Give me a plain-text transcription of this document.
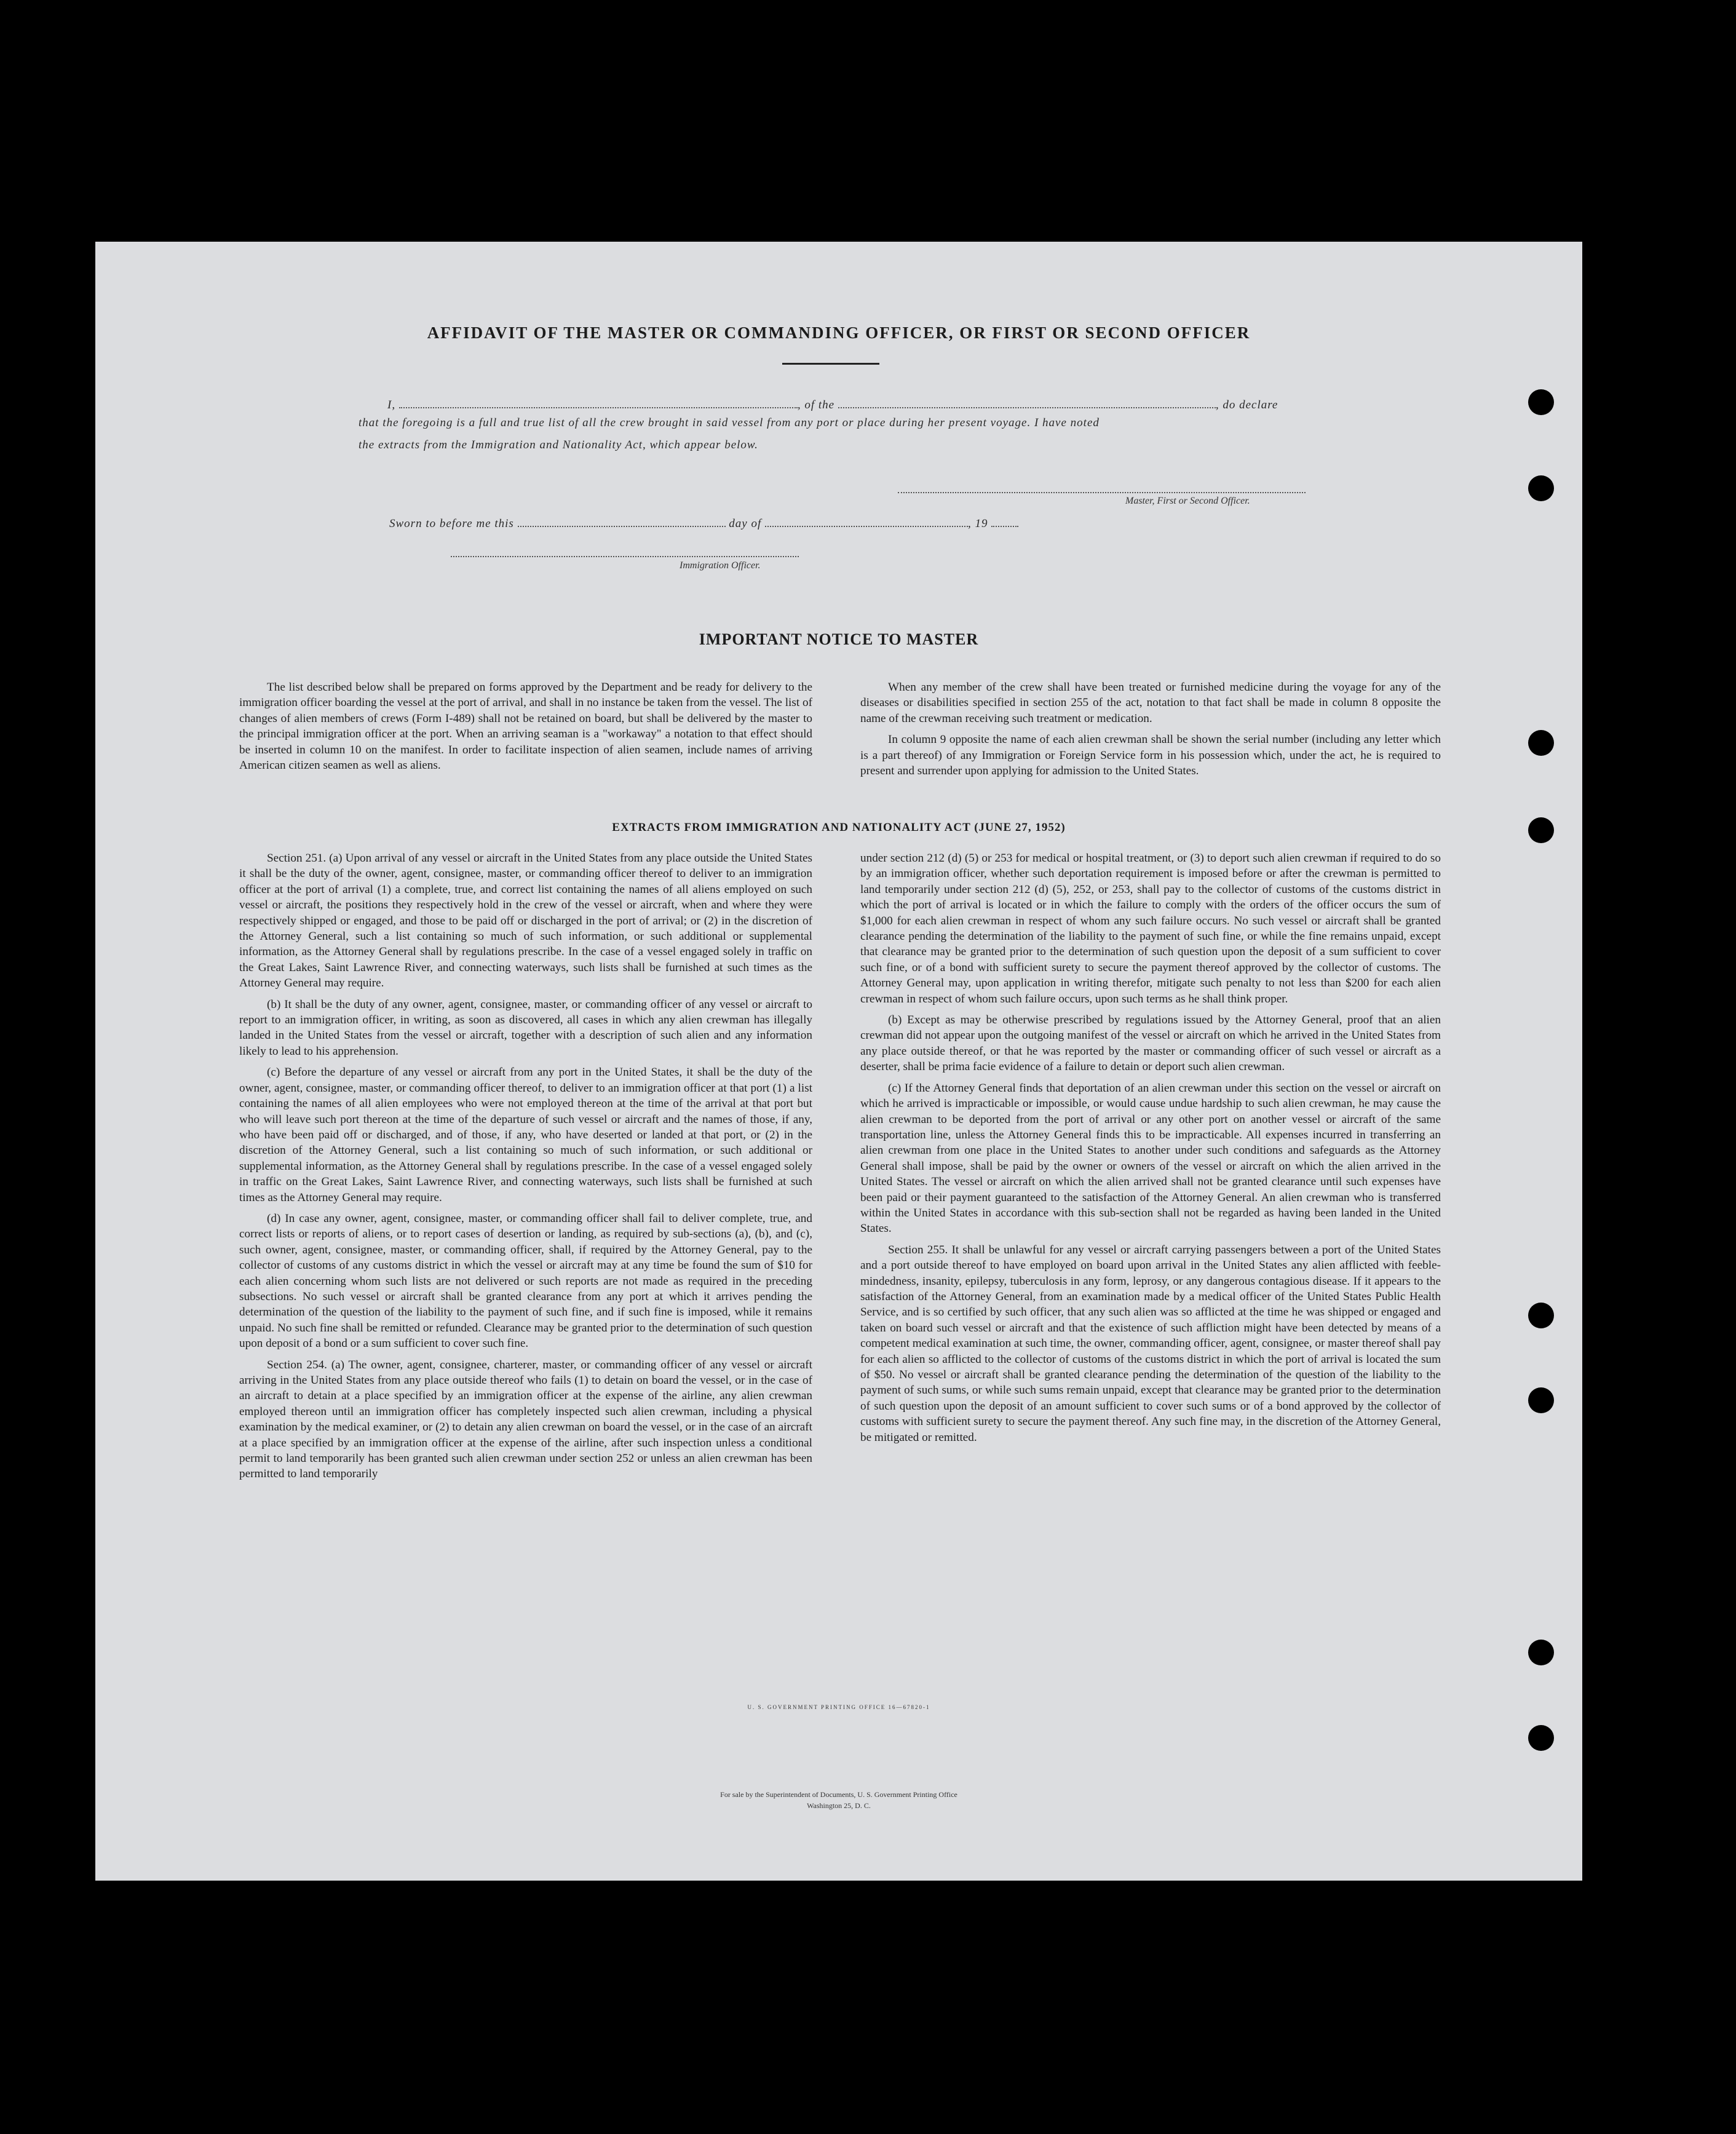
AFFIDAVIT OF THE MASTER OR COMMANDING OFFICER, OR FIRST OR SECOND OFFICER
I,	, of the	, do declare
that the foregoing is a full and true list of all the crew brought in said vessel from any port or place during her present voyage. I have noted
the extracts from the Immigration and Nationality Act, which appear below.
Master, First or Second Officer.
Sworn to before me this	day of	, 19
Immigration Officer.
IMPORTANT NOTICE TO MASTER

The list described below shall be prepared on forms approved by the Department and be ready for delivery to the immigration officer boarding the vessel at the port of arrival, and shall in no instance be taken from the vessel. The list of changes of alien members of crews (Form I-489) shall not be retained on board, but shall be delivered by the master to the principal immigration officer at the port. When an arriving seaman is a "workaway" a notation to that effect should be inserted in column 10 on the manifest. In order to facilitate inspection of alien seamen, include names of arriving American citizen seamen as well as aliens.

When any member of the crew shall have been treated or furnished medicine during the voyage for any of the diseases or disabilities specified in section 255 of the act, notation to that fact shall be made in column 8 opposite the name of the crewman receiving such treatment or medication.

In column 9 opposite the name of each alien crewman shall be shown the serial number (including any letter which is a part thereof) of any Immigration or Foreign Service form in his possession which, under the act, he is required to present and surrender upon applying for admission to the United States.

EXTRACTS FROM IMMIGRATION AND NATIONALITY ACT (JUNE 27, 1952)

Section 251. (a) Upon arrival of any vessel or aircraft in the United States from any place outside the United States it shall be the duty of the owner, agent, consignee, master, or commanding officer thereof to deliver to an immigration officer at the port of arrival (1) a complete, true, and correct list containing the names of all aliens employed on such vessel or aircraft, the positions they respectively hold in the crew of the vessel or aircraft, when and where they were respectively shipped or engaged, and those to be paid off or discharged in the port of arrival; or (2) in the discretion of the Attorney General, such a list containing so much of such information, or such additional or supplemental information, as the Attorney General shall by regulations prescribe. In the case of a vessel engaged solely in traffic on the Great Lakes, Saint Lawrence River, and connecting waterways, such lists shall be furnished at such times as the Attorney General may require.

(b) It shall be the duty of any owner, agent, consignee, master, or commanding officer of any vessel or aircraft to report to an immigration officer, in writing, as soon as discovered, all cases in which any alien crewman has illegally landed in the United States from the vessel or aircraft, together with a description of such alien and any information likely to lead to his apprehension.

(c) Before the departure of any vessel or aircraft from any port in the United States, it shall be the duty of the owner, agent, consignee, master, or commanding officer thereof, to deliver to an immigration officer at that port (1) a list containing the names of all alien employees who were not employed thereon at the time of the arrival at that port but who will leave such port thereon at the time of the departure of such vessel or aircraft and the names of those, if any, who have been paid off or discharged, and of those, if any, who have deserted or landed at that port, or (2) in the discretion of the Attorney General, such a list containing so much of such information, or such additional or supplemental information, as the Attorney General shall by regulations prescribe. In the case of a vessel engaged solely in traffic on the Great Lakes, Saint Lawrence River, and connecting waterways, such lists shall be furnished at such times as the Attorney General may require.

(d) In case any owner, agent, consignee, master, or commanding officer shall fail to deliver complete, true, and correct lists or reports of aliens, or to report cases of desertion or landing, as required by sub-sections (a), (b), and (c), such owner, agent, consignee, master, or commanding officer, shall, if required by the Attorney General, pay to the collector of customs of any customs district in which the vessel or aircraft may at any time be found the sum of $10 for each alien concerning whom such lists are not delivered or such reports are not made as required in the preceding subsections. No such vessel or aircraft shall be granted clearance from any port at which it arrives pending the determination of the question of the liability to the payment of such fine, and if such fine is imposed, while it remains unpaid. No such fine shall be remitted or refunded. Clearance may be granted prior to the determination of such question upon deposit of a bond or a sum sufficient to cover such fine.

Section 254. (a) The owner, agent, consignee, charterer, master, or commanding officer of any vessel or aircraft arriving in the United States from any place outside thereof who fails (1) to detain on board the vessel, or in the case of an aircraft to detain at a place specified by an immigration officer at the expense of the airline, any alien crewman employed thereon until an immigration officer has completely inspected such alien crewman, including a physical examination by the medical examiner, or (2) to detain any alien crewman on board the vessel, or in the case of an aircraft at a place specified by an immigration officer at the expense of the airline, after such inspection unless a conditional permit to land temporarily has been granted such alien crewman under section 252 or unless an alien crewman has been permitted to land temporarily

under section 212 (d) (5) or 253 for medical or hospital treatment, or (3) to deport such alien crewman if required to do so by an immigration officer, whether such deportation requirement is imposed before or after the crewman is permitted to land temporarily under section 212 (d) (5), 252, or 253, shall pay to the collector of customs of the customs district in which the port of arrival is located or in which the failure to comply with the orders of the officer occurs the sum of $1,000 for each alien crewman in respect of whom any such failure occurs. No such vessel or aircraft shall be granted clearance pending the determination of the liability to the payment of such fine, or while the fine remains unpaid, except that clearance may be granted prior to the determination of such question upon the deposit of a sum sufficient to cover such fine, or of a bond with sufficient surety to secure the payment thereof approved by the collector of customs. The Attorney General may, upon application in writing therefor, mitigate such penalty to not less than $200 for each alien crewman in respect of whom such failure occurs, upon such terms as he shall think proper.

(b) Except as may be otherwise prescribed by regulations issued by the Attorney General, proof that an alien crewman did not appear upon the outgoing manifest of the vessel or aircraft on which he arrived in the United States from any place outside thereof, or that he was reported by the master or commanding officer of such vessel or aircraft as a deserter, shall be prima facie evidence of a failure to detain or deport such alien crewman.

(c) If the Attorney General finds that deportation of an alien crewman under this section on the vessel or aircraft on which he arrived is impracticable or impossible, or would cause undue hardship to such alien crewman, he may cause the alien crewman to be deported from the port of arrival or any other port on another vessel or aircraft of the same transportation line, unless the Attorney General finds this to be impracticable. All expenses incurred in transferring an alien crewman from one place in the United States to another under such conditions and safeguards as the Attorney General shall impose, shall be paid by the owner or owners of the vessel or aircraft on which the alien arrived in the United States. The vessel or aircraft on which the alien arrived shall not be granted clearance until such expenses have been paid or their payment guaranteed to the satisfaction of the Attorney General. An alien crewman who is transferred within the United States in accordance with this sub-section shall not be regarded as having been landed in the United States.

Section 255. It shall be unlawful for any vessel or aircraft carrying passengers between a port of the United States and a port outside thereof to have employed on board upon arrival in the United States any alien afflicted with feeble-mindedness, insanity, epilepsy, tuberculosis in any form, leprosy, or any dangerous contagious disease. If it appears to the satisfaction of the Attorney General, from an examination made by a medical officer of the United States Public Health Service, and is so certified by such officer, that any such alien was so afflicted at the time he was shipped or engaged and taken on board such vessel or aircraft and that the existence of such affliction might have been detected by means of a competent medical examination at such time, the owner, commanding officer, agent, consignee, or master thereof shall pay for each alien so afflicted to the collector of customs of the customs district in which the port of arrival is located the sum of $50. No vessel or aircraft shall be granted clearance pending the determination of the question of the liability to the payment of such sums, or while such sums remain unpaid, except that clearance may be granted prior to the determination of such question upon the deposit of an amount sufficient to cover such sums or of a bond approved by the collector of customs with sufficient surety to secure the payment thereof. Any such fine may, in the discretion of the Attorney General, be mitigated or remitted.

U. S. GOVERNMENT PRINTING OFFICE 16—67820-1
For sale by the Superintendent of Documents, U. S. Government Printing Office
Washington 25, D. C.
